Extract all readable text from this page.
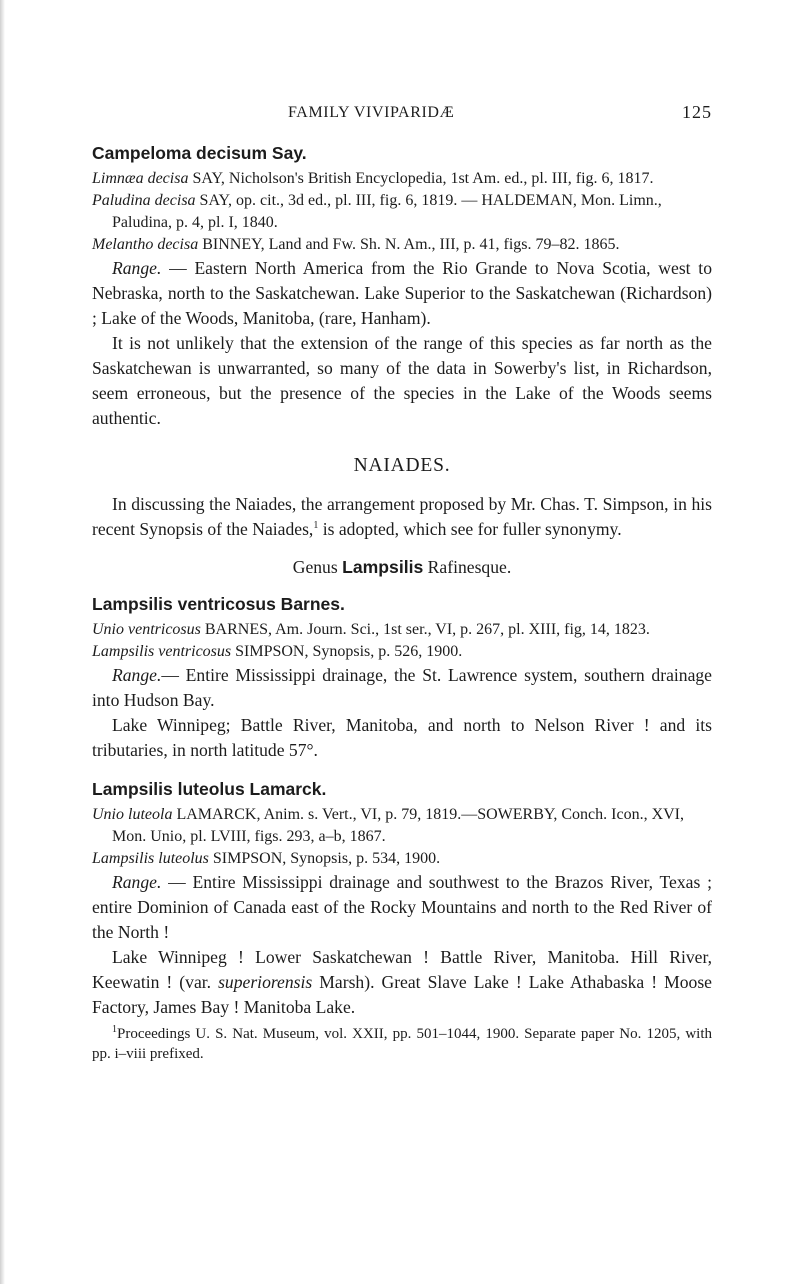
FAMILY VIVIPARIDÆ	125
Campeloma decisum Say.

Limnæa decisa SAY, Nicholson's British Encyclopedia, 1st Am. ed., pl. III, fig. 6, 1817.

Paludina decisa SAY, op. cit., 3d ed., pl. III, fig. 6, 1819. — HALDEMAN, Mon. Limn., Paludina, p. 4, pl. I, 1840.

Melantho decisa BINNEY, Land and Fw. Sh. N. Am., III, p. 41, figs. 79–82. 1865.

Range. — Eastern North America from the Rio Grande to Nova Scotia, west to Nebraska, north to the Saskatchewan. Lake Superior to the Saskatchewan (Richardson) ; Lake of the Woods, Manitoba, (rare, Hanham).

It is not unlikely that the extension of the range of this species as far north as the Saskatchewan is unwarranted, so many of the data in Sowerby's list, in Richardson, seem erroneous, but the presence of the species in the Lake of the Woods seems authentic.

NAIADES.

In discussing the Naiades, the arrangement proposed by Mr. Chas. T. Simpson, in his recent Synopsis of the Naiades,$^1$ is adopted, which see for fuller synonymy.

Genus Lampsilis Rafinesque.
Lampsilis ventricosus Barnes.

Unio ventricosus BARNES, Am. Journ. Sci., 1st ser., VI, p. 267, pl. XIII, fig, 14, 1823.

Lampsilis ventricosus SIMPSON, Synopsis, p. 526, 1900.

Range.— Entire Mississippi drainage, the St. Lawrence system, southern drainage into Hudson Bay.

Lake Winnipeg; Battle River, Manitoba, and north to Nelson River ! and its tributaries, in north latitude 57°.

Lampsilis luteolus Lamarck.

Unio luteola LAMARCK, Anim. s. Vert., VI, p. 79, 1819.—SOWERBY, Conch. Icon., XVI, Mon. Unio, pl. LVIII, figs. 293, a–b, 1867.

Lampsilis luteolus SIMPSON, Synopsis, p. 534, 1900.

Range. — Entire Mississippi drainage and southwest to the Brazos River, Texas ; entire Dominion of Canada east of the Rocky Mountains and north to the Red River of the North !

Lake Winnipeg ! Lower Saskatchewan ! Battle River, Manitoba. Hill River, Keewatin ! (var. superiorensis Marsh). Great Slave Lake ! Lake Athabaska ! Moose Factory, James Bay ! Manitoba Lake.

$^1$Proceedings U. S. Nat. Museum, vol. XXII, pp. 501–1044, 1900. Separate paper No. 1205, with pp. i–viii prefixed.
